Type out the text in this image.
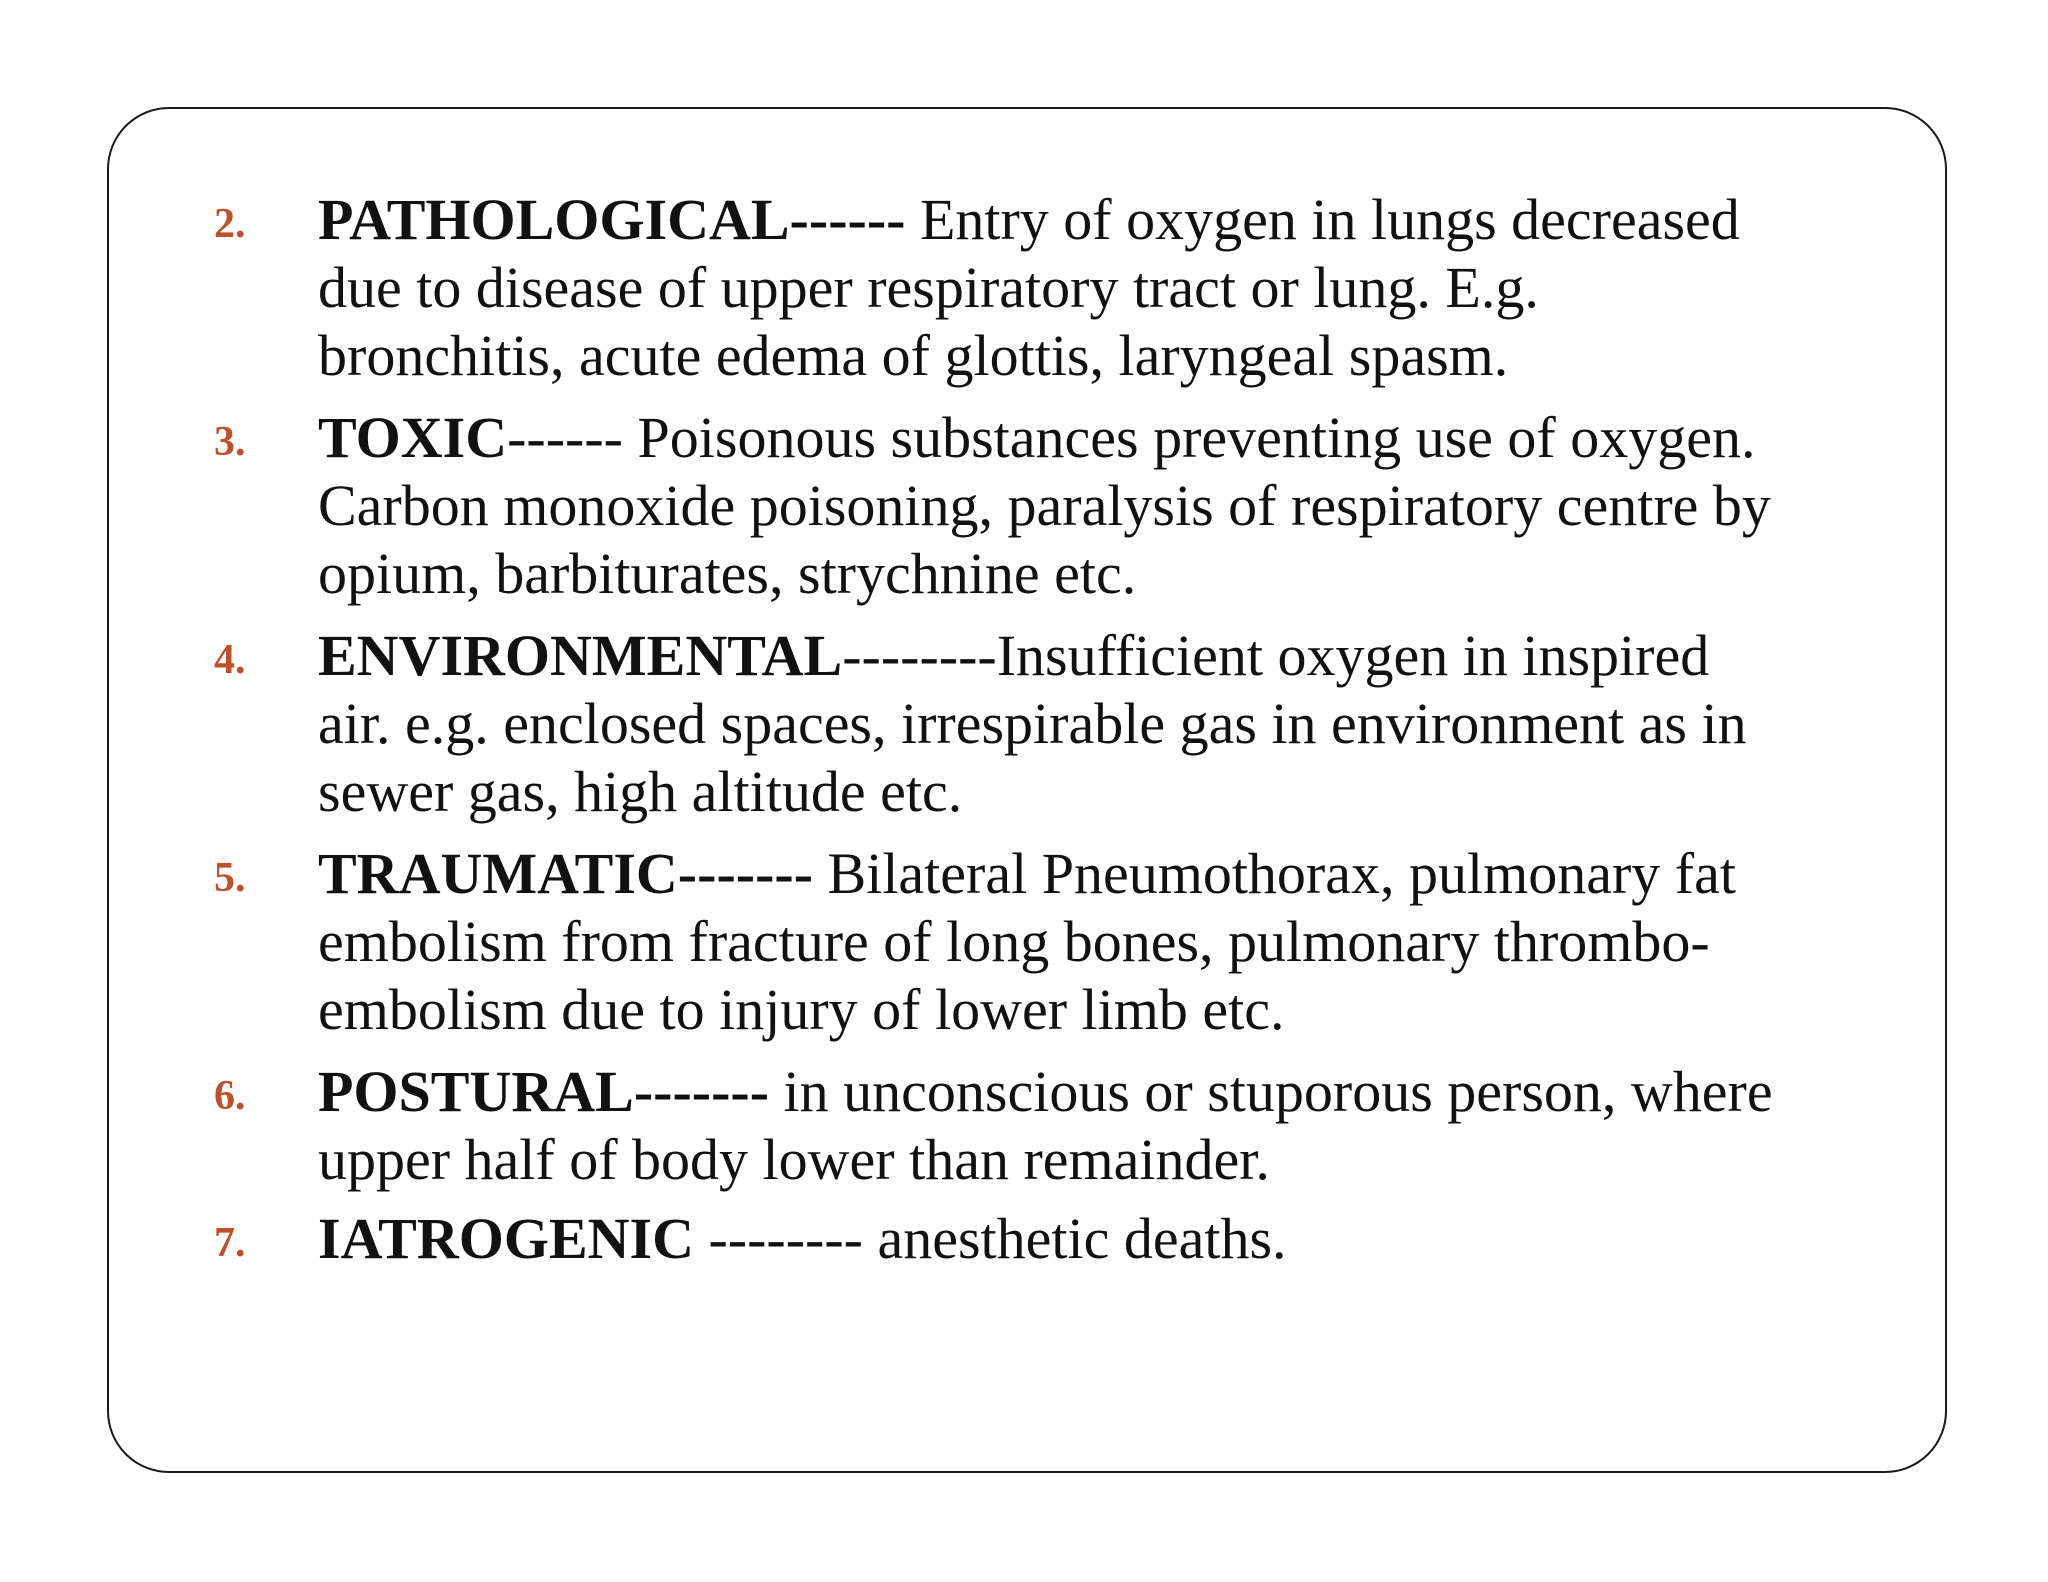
2.	PATHOLOGICAL------ Entry of oxygen in lungs decreased
due to disease of upper respiratory tract or lung. E.g.
bronchitis, acute edema of glottis, laryngeal spasm.
3.	TOXIC------ Poisonous substances preventing use of oxygen.
Carbon monoxide poisoning, paralysis of respiratory centre by
opium, barbiturates, strychnine etc.
4.	ENVIRONMENTAL--------Insufficient oxygen in inspired
air. e.g. enclosed spaces, irrespirable gas in environment as in
sewer gas, high altitude etc.
5.	TRAUMATIC------- Bilateral Pneumothorax, pulmonary fat
embolism from fracture of long bones, pulmonary thrombo-
embolism due to injury of lower limb etc.
6.	POSTURAL------- in unconscious or stuporous person, where
upper half of body lower than remainder.
7.	IATROGENIC -------- anesthetic deaths.
